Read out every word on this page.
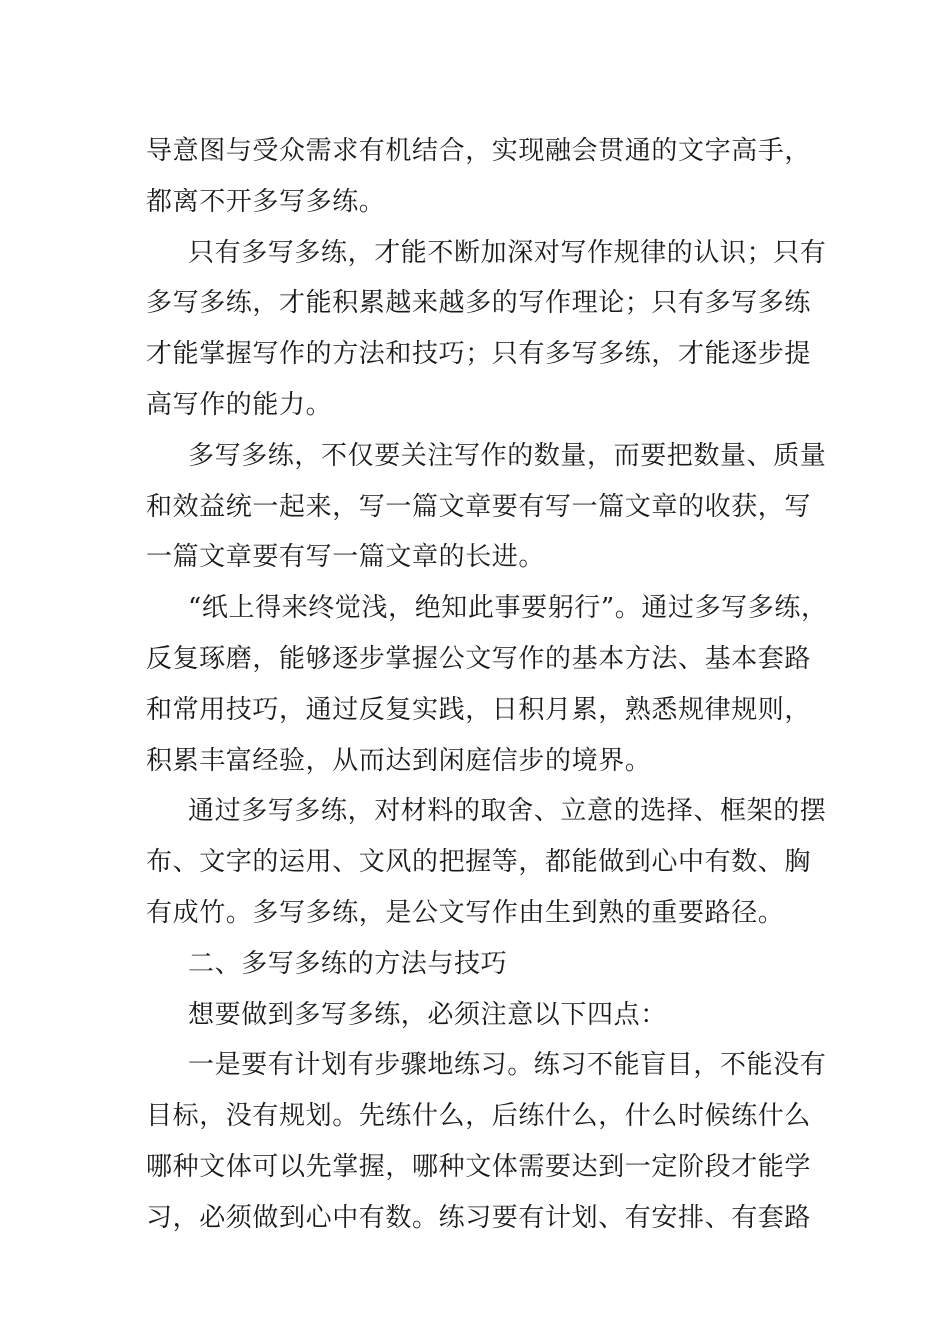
导意图与受众需求有机结合，实现融会贯通的文字高手，
都离不开多写多练。
只有多写多练，才能不断加深对写作规律的认识；只有
多写多练，才能积累越来越多的写作理论；只有多写多练
才能掌握写作的方法和技巧；只有多写多练，才能逐步提
高写作的能力。
多写多练，不仅要关注写作的数量，而要把数量、质量
和效益统一起来，写一篇文章要有写一篇文章的收获，写
一篇文章要有写一篇文章的长进。
“纸上得来终觉浅，绝知此事要躬行”。通过多写多练，
反复琢磨，能够逐步掌握公文写作的基本方法、基本套路
和常用技巧，通过反复实践，日积月累，熟悉规律规则，
积累丰富经验，从而达到闲庭信步的境界。
通过多写多练，对材料的取舍、立意的选择、框架的摆
布、文字的运用、文风的把握等，都能做到心中有数、胸
有成竹。多写多练，是公文写作由生到熟的重要路径。
二、多写多练的方法与技巧
想要做到多写多练，必须注意以下四点：
一是要有计划有步骤地练习。练习不能盲目，不能没有
目标，没有规划。先练什么，后练什么，什么时候练什么
哪种文体可以先掌握，哪种文体需要达到一定阶段才能学
习，必须做到心中有数。练习要有计划、有安排、有套路
